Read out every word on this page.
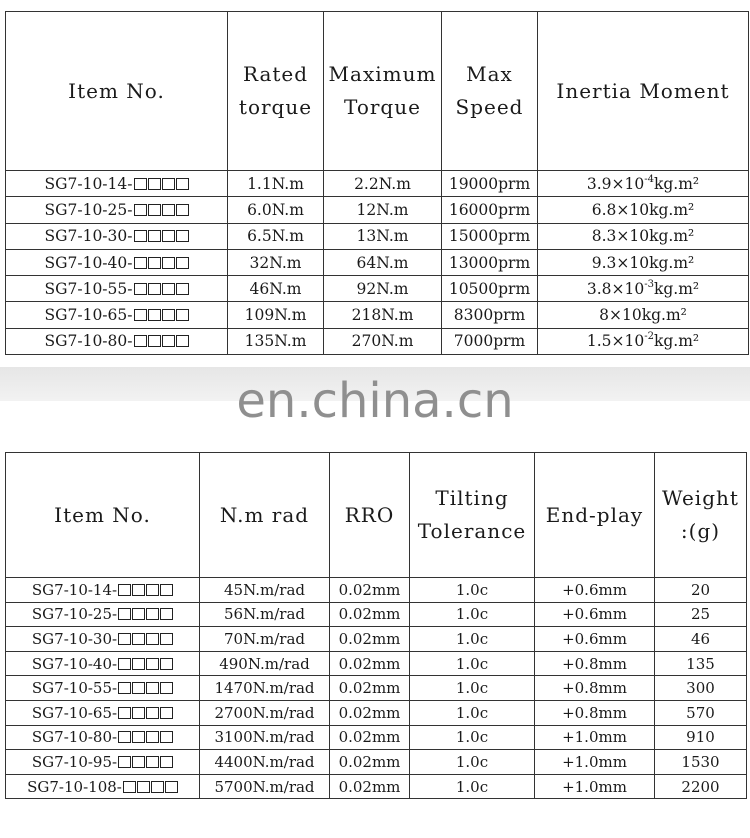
Item No.	Rated torque	Maximum Torque	Max Speed	Inertia Moment
SG7-10-14-	1.1N.m	2.2N.m	19000prm	$3.9\times 10^{-4}kg.m^2$
SG7-10-25-	6.0N.m	12N.m	16000prm	6.8×10kg.m²
SG7-10-30-	6.5N.m	13N.m	15000prm	8.3×10kg.m²
SG7-10-40-	32N.m	64N.m	13000prm	9.3×10kg.m²
SG7-10-55-	46N.m	92N.m	10500prm	$3.8\times 10^{-3}kg.m^2$
SG7-10-65-	109N.m	218N.m	8300prm	8×10kg.m²
SG7-10-80-	135N.m	270N.m	7000prm	$1.5\times 10^{-2}kg.m^2$
en.china.cn
Item No.	N.m rad	RRO	Tilting Tolerance	End-play	Weight :(g)
SG7-10-14-	45N.m/rad	0.02mm	1.0c	+0.6mm	20
SG7-10-25-	56N.m/rad	0.02mm	1.0c	+0.6mm	25
SG7-10-30-	70N.m/rad	0.02mm	1.0c	+0.6mm	46
SG7-10-40-	490N.m/rad	0.02mm	1.0c	+0.8mm	135
SG7-10-55-	1470N.m/rad	0.02mm	1.0c	+0.8mm	300
SG7-10-65-	2700N.m/rad	0.02mm	1.0c	+0.8mm	570
SG7-10-80-	3100N.m/rad	0.02mm	1.0c	+1.0mm	910
SG7-10-95-	4400N.m/rad	0.02mm	1.0c	+1.0mm	1530
SG7-10-108-	5700N.m/rad	0.02mm	1.0c	+1.0mm	2200
